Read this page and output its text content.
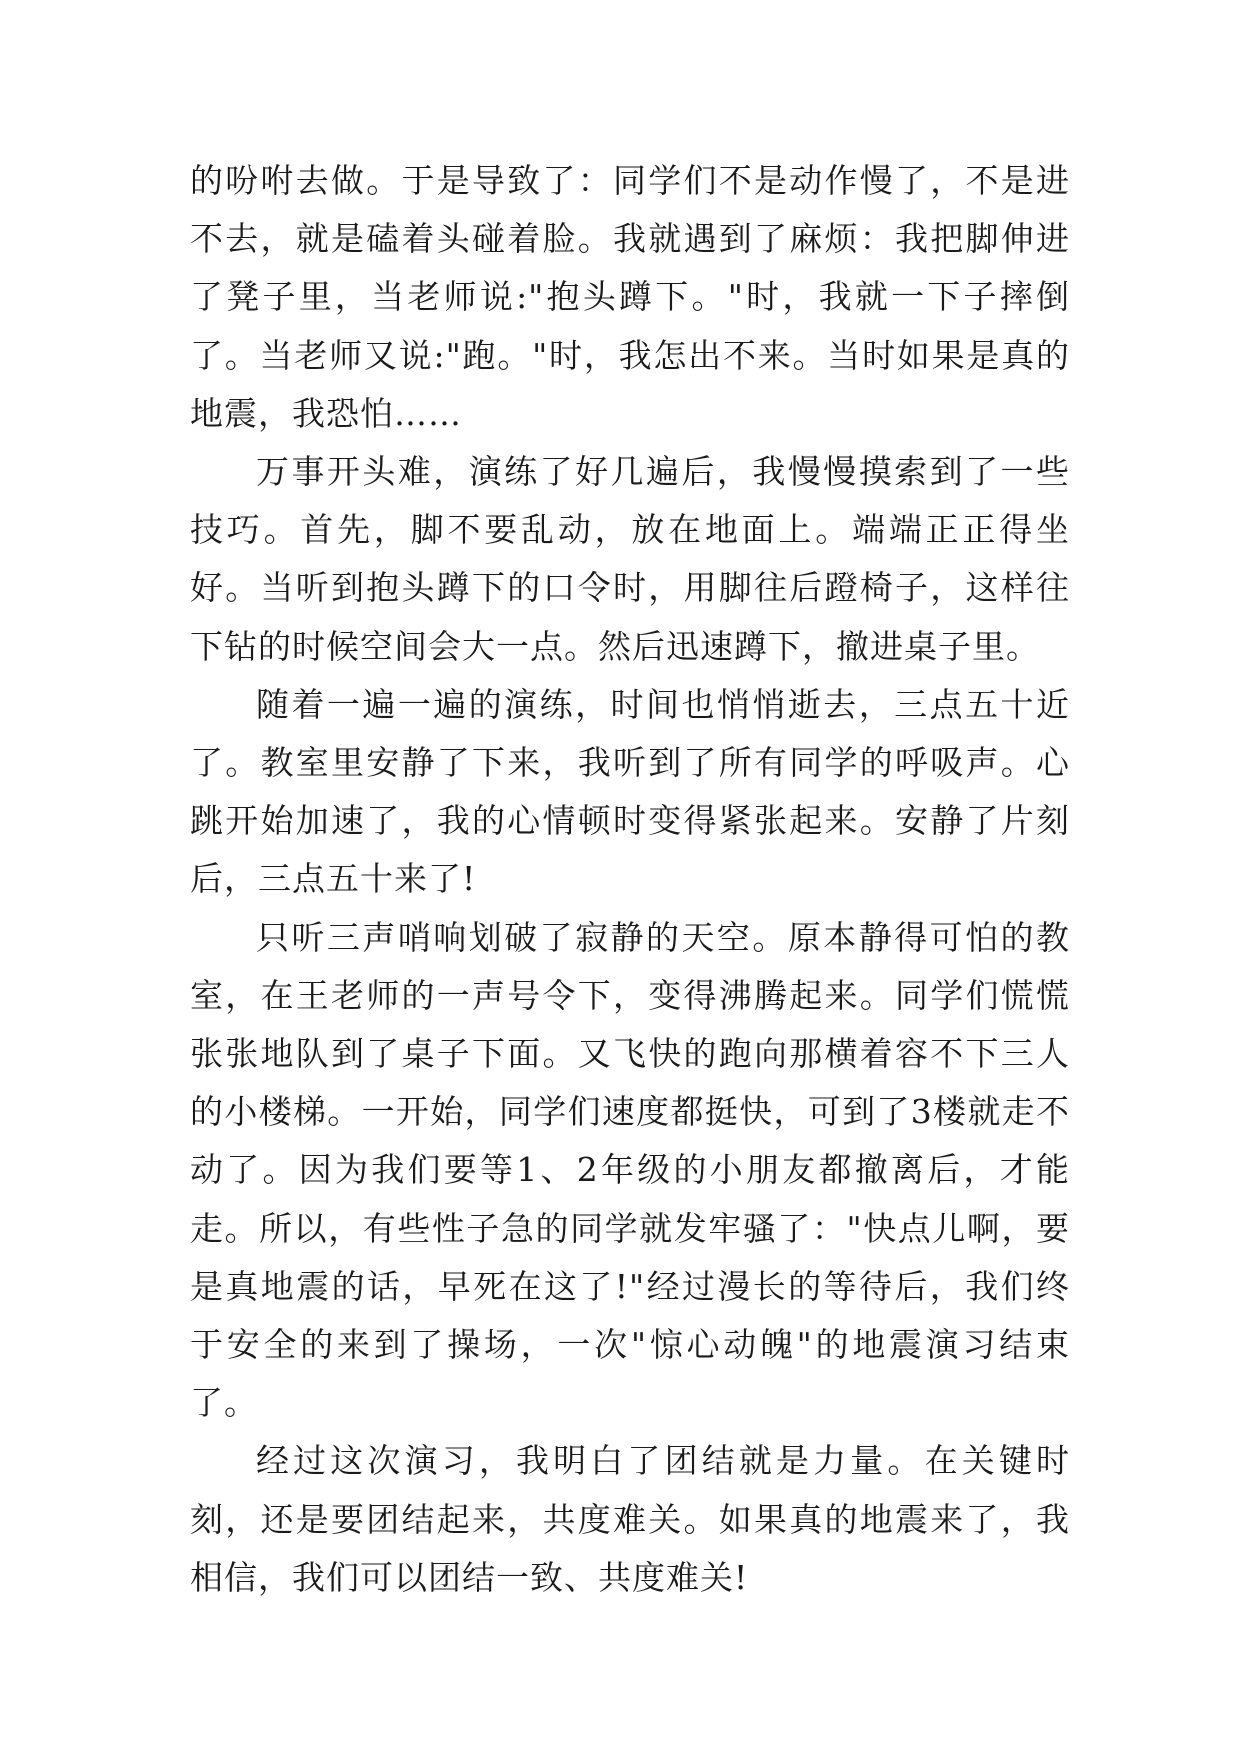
的吩咐去做。于是导致了：同学们不是动作慢了，不是进不去，就是磕着头碰着脸。我就遇到了麻烦：我把脚伸进了凳子里，当老师说:"抱头蹲下。"时，我就一下子摔倒了。当老师又说:"跑。"时，我怎出不来。当时如果是真的地震，我恐怕……

万事开头难，演练了好几遍后，我慢慢摸索到了一些技巧。首先，脚不要乱动，放在地面上。端端正正得坐好。当听到抱头蹲下的口令时，用脚往后蹬椅子，这样往下钻的时候空间会大一点。然后迅速蹲下，撤进桌子里。

随着一遍一遍的演练，时间也悄悄逝去，三点五十近了。教室里安静了下来，我听到了所有同学的呼吸声。心跳开始加速了，我的心情顿时变得紧张起来。安静了片刻后，三点五十来了!

只听三声哨响划破了寂静的天空。原本静得可怕的教室，在王老师的一声号令下，变得沸腾起来。同学们慌慌张张地队到了桌子下面。又飞快的跑向那横着容不下三人的小楼梯。一开始，同学们速度都挺快，可到了3楼就走不动了。因为我们要等1、2年级的小朋友都撤离后，才能走。所以，有些性子急的同学就发牢骚了："快点儿啊，要是真地震的话，早死在这了!"经过漫长的等待后，我们终于安全的来到了操场，一次"惊心动魄"的地震演习结束了。

经过这次演习，我明白了团结就是力量。在关键时刻，还是要团结起来，共度难关。如果真的地震来了，我相信，我们可以团结一致、共度难关!
